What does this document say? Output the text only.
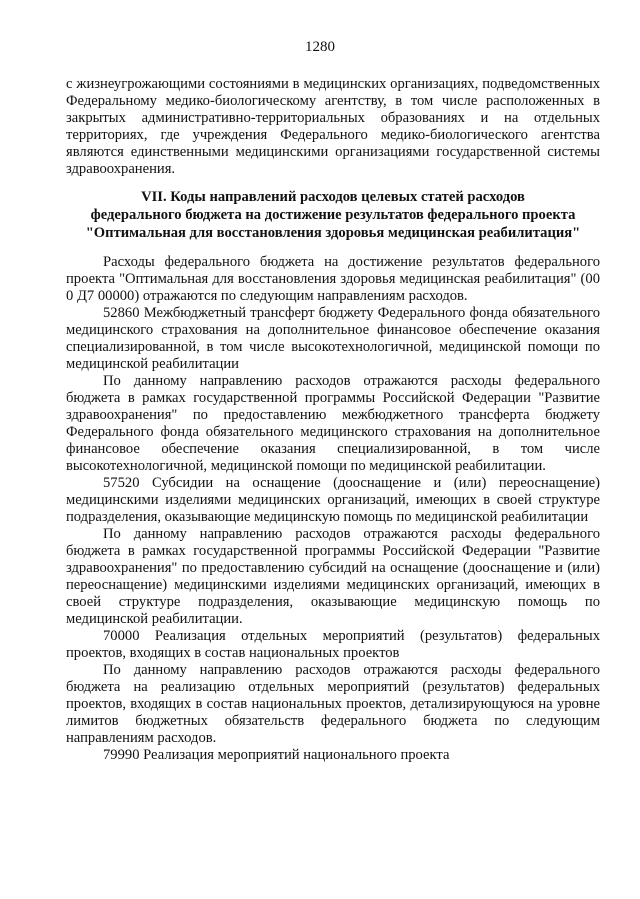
1280

с жизнеугрожающими состояниями в медицинских организациях, подведомственных Федеральному медико-биологическому агентству, в том числе расположенных в закрытых административно-территориальных образованиях и на отдельных территориях, где учреждения Федерального медико-биологического агентства являются единственными медицинскими организациями государственной системы здравоохранения.

VII. Коды направлений расходов целевых статей расходов
федерального бюджета на достижение результатов федерального проекта
"Оптимальная для восстановления здоровья медицинская реабилитация"

Расходы федерального бюджета на достижение результатов федерального проекта "Оптимальная для восстановления здоровья медицинская реабилитация" (00 0 Д7 00000) отражаются по следующим направлениям расходов.

52860 Межбюджетный трансферт бюджету Федерального фонда обязательного медицинского страхования на дополнительное финансовое обеспечение оказания специализированной, в том числе высокотехнологичной, медицинской помощи по медицинской реабилитации

По данному направлению расходов отражаются расходы федерального бюджета в рамках государственной программы Российской Федерации "Развитие здравоохранения" по предоставлению межбюджетного трансферта бюджету Федерального фонда обязательного медицинского страхования на дополнительное финансовое обеспечение оказания специализированной, в том числе высокотехнологичной, медицинской помощи по медицинской реабилитации.

57520 Субсидии на оснащение (дооснащение и (или) переоснащение) медицинскими изделиями медицинских организаций, имеющих в своей структуре подразделения, оказывающие медицинскую помощь по медицинской реабилитации

По данному направлению расходов отражаются расходы федерального бюджета в рамках государственной программы Российской Федерации "Развитие здравоохранения" по предоставлению субсидий на оснащение (дооснащение и (или) переоснащение) медицинскими изделиями медицинских организаций, имеющих в своей структуре подразделения, оказывающие медицинскую помощь по медицинской реабилитации.

70000 Реализация отдельных мероприятий (результатов) федеральных проектов, входящих в состав национальных проектов

По данному направлению расходов отражаются расходы федерального бюджета на реализацию отдельных мероприятий (результатов) федеральных проектов, входящих в состав национальных проектов, детализирующуюся на уровне лимитов бюджетных обязательств федерального бюджета по следующим направлениям расходов.

79990 Реализация мероприятий национального проекта
